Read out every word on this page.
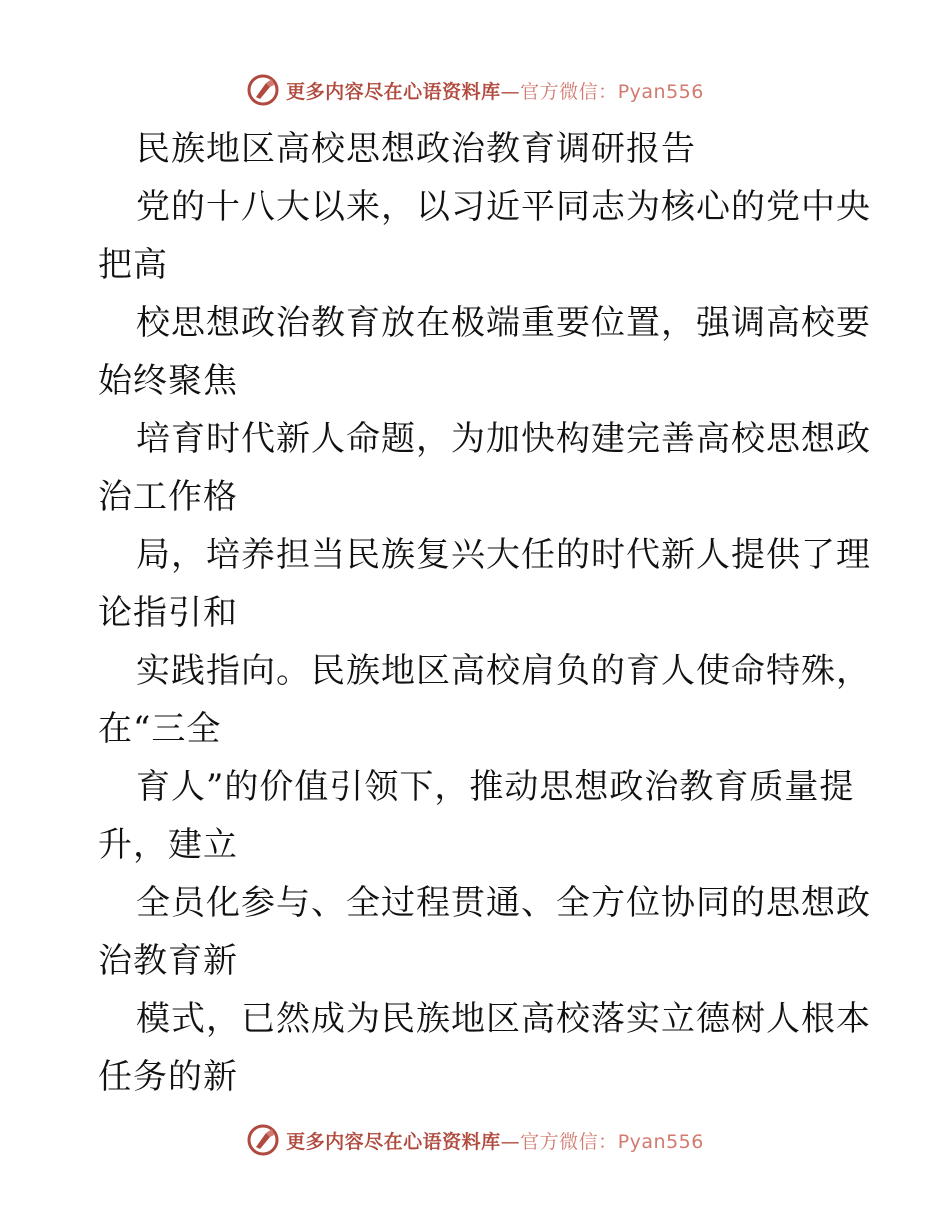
更多内容尽在心语资料库—官方微信：Pyan556
民族地区高校思想政治教育调研报告
党的十八大以来，以习近平同志为核心的党中央
把高
校思想政治教育放在极端重要位置，强调高校要
始终聚焦
培育时代新人命题，为加快构建完善高校思想政
治工作格
局，培养担当民族复兴大任的时代新人提供了理
论指引和
实践指向。民族地区高校肩负的育人使命特殊，
在“三全
育人”的价值引领下，推动思想政治教育质量提
升，建立
全员化参与、全过程贯通、全方位协同的思想政
治教育新
模式，已然成为民族地区高校落实立德树人根本
任务的新
更多内容尽在心语资料库—官方微信：Pyan556
